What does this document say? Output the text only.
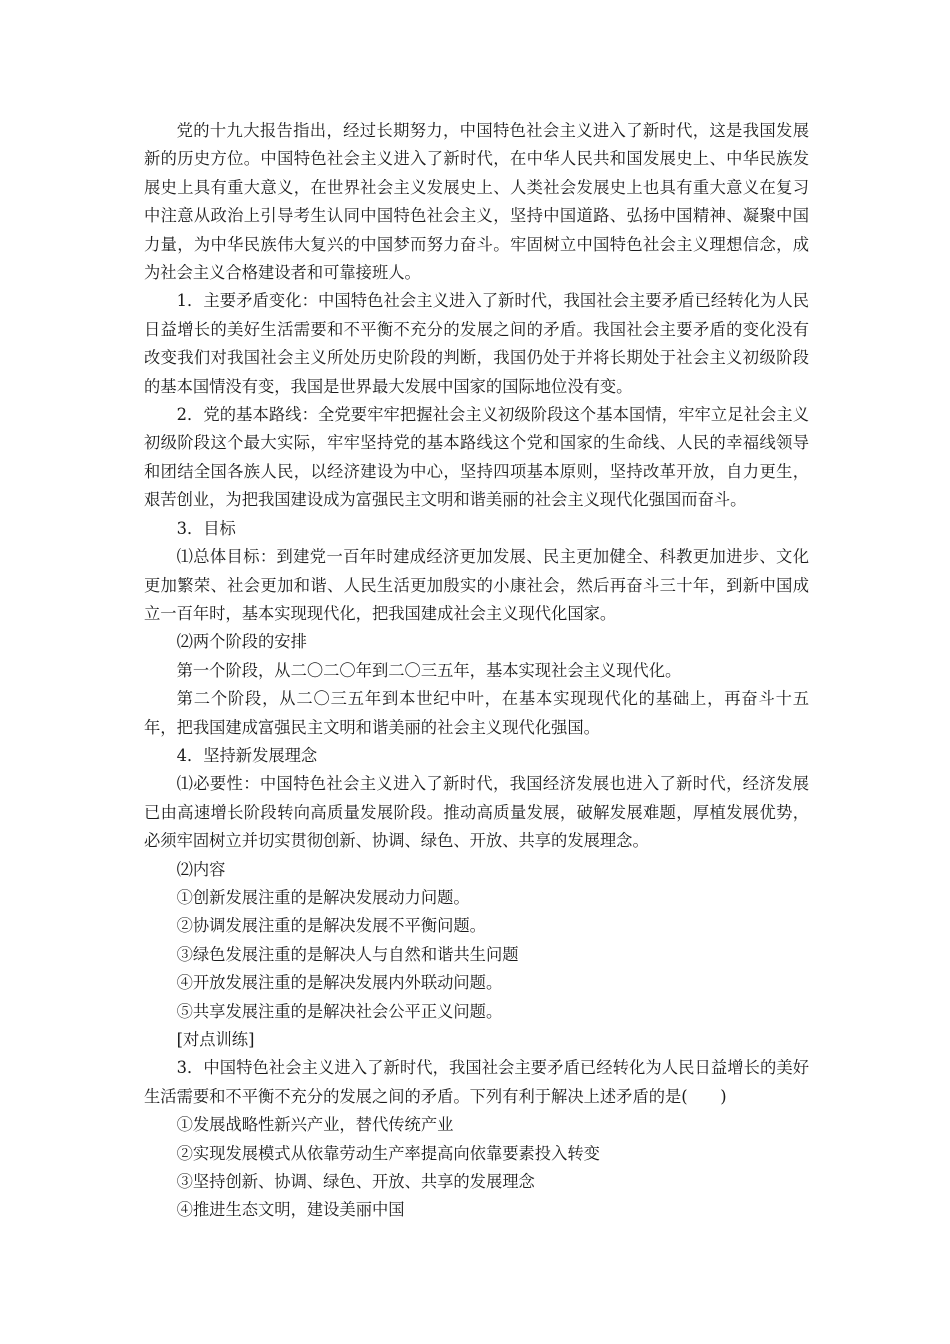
党的十九大报告指出，经过长期努力，中国特色社会主义进入了新时代，这是我国发展新的历史方位。中国特色社会主义进入了新时代，在中华人民共和国发展史上、中华民族发展史上具有重大意义，在世界社会主义发展史上、人类社会发展史上也具有重大意义在复习中注意从政治上引导考生认同中国特色社会主义，坚持中国道路、弘扬中国精神、凝聚中国力量，为中华民族伟大复兴的中国梦而努力奋斗。牢固树立中国特色社会主义理想信念，成为社会主义合格建设者和可靠接班人。

1．主要矛盾变化：中国特色社会主义进入了新时代，我国社会主要矛盾已经转化为人民日益增长的美好生活需要和不平衡不充分的发展之间的矛盾。我国社会主要矛盾的变化没有改变我们对我国社会主义所处历史阶段的判断，我国仍处于并将长期处于社会主义初级阶段的基本国情没有变，我国是世界最大发展中国家的国际地位没有变。

2．党的基本路线：全党要牢牢把握社会主义初级阶段这个基本国情，牢牢立足社会主义初级阶段这个最大实际，牢牢坚持党的基本路线这个党和国家的生命线、人民的幸福线领导和团结全国各族人民，以经济建设为中心，坚持四项基本原则，坚持改革开放，自力更生，艰苦创业，为把我国建设成为富强民主文明和谐美丽的社会主义现代化强国而奋斗。

3．目标

⑴总体目标：到建党一百年时建成经济更加发展、民主更加健全、科教更加进步、文化更加繁荣、社会更加和谐、人民生活更加殷实的小康社会，然后再奋斗三十年，到新中国成立一百年时，基本实现现代化，把我国建成社会主义现代化国家。

⑵两个阶段的安排

第一个阶段，从二〇二〇年到二〇三五年，基本实现社会主义现代化。

第二个阶段，从二〇三五年到本世纪中叶，在基本实现现代化的基础上，再奋斗十五年，把我国建成富强民主文明和谐美丽的社会主义现代化强国。

4．坚持新发展理念

⑴必要性：中国特色社会主义进入了新时代，我国经济发展也进入了新时代，经济发展已由高速增长阶段转向高质量发展阶段。推动高质量发展，破解发展难题，厚植发展优势，必须牢固树立并切实贯彻创新、协调、绿色、开放、共享的发展理念。

⑵内容

①创新发展注重的是解决发展动力问题。

②协调发展注重的是解决发展不平衡问题。

③绿色发展注重的是解决人与自然和谐共生问题

④开放发展注重的是解决发展内外联动问题。

⑤共享发展注重的是解决社会公平正义问题。

[对点训练]

3．中国特色社会主义进入了新时代，我国社会主要矛盾已经转化为人民日益增长的美好生活需要和不平衡不充分的发展之间的矛盾。下列有利于解决上述矛盾的是(　　)

①发展战略性新兴产业，替代传统产业

②实现发展模式从依靠劳动生产率提高向依靠要素投入转变

③坚持创新、协调、绿色、开放、共享的发展理念

④推进生态文明，建设美丽中国
